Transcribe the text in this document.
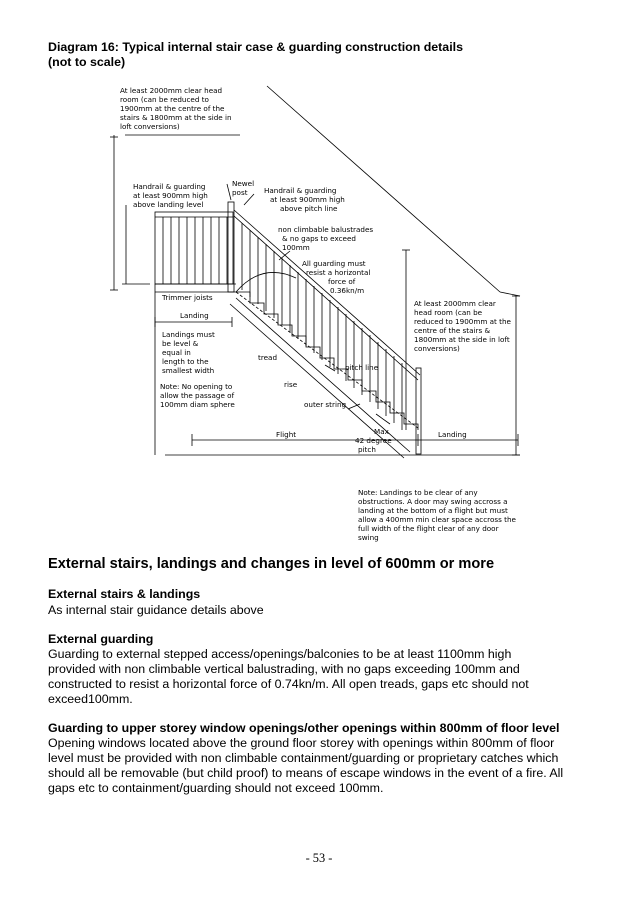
Diagram 16: Typical internal stair case & guarding construction details
(not to scale)
At least 2000mm clear head room (can be reduced to 1900mm at the centre of the stairs & 1800mm at the side in loft conversions)
Handrail & guarding at least 900mm high above landing level
Newel post	Handrail & guarding at least 900mm high above pitch line
non climbable balustrades & no gaps to exceed 100mm
All guarding must resist a horizontal force of 0.36kn/m
Trimmer joists
Landing
Landings must be level & equal in length to the smallest width
Note: No opening to allow the passage of 100mm diam sphere
At least 2000mm clear head room (can be reduced to 1900mm at the centre of the stairs & 1800mm at the side in loft conversions)
tread
pitch line
rise
outer string
Max 42 degree pitch
Flight	Landing
Note: Landings to be clear of any obstructions. A door may swing accross a landing at the bottom of a flight but must allow a 400mm min clear space accross the full width of the flight clear of any door swing
External stairs, landings and changes in level of 600mm or more
External stairs & landings
As internal stair guidance details above
External guarding
Guarding to external stepped access/openings/balconies to be at least 1100mm high
provided with non climbable vertical balustrading, with no gaps exceeding 100mm and
constructed to resist a horizontal force of 0.74kn/m. All open treads, gaps etc should not
exceed100mm.
Guarding to upper storey window openings/other openings within 800mm of floor level
Opening windows located above the ground floor storey with openings within 800mm of floor
level must be provided with non climbable containment/guarding or proprietary catches which
should all be removable (but child proof) to means of escape windows in the event of a fire. All
gaps etc to containment/guarding should not exceed 100mm.
- 53 -
